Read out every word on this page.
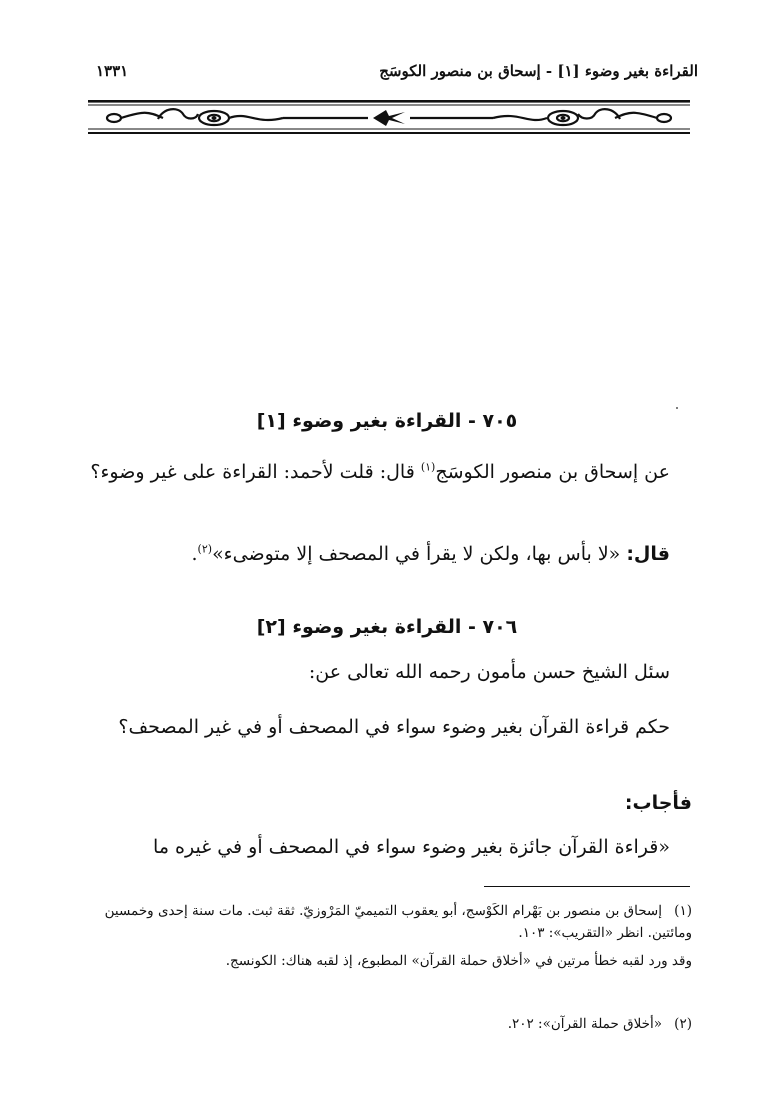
القراءة بغير وضوء [١] - إسحاق بن منصور الكوسَج
١٣٣١
٧٠٥ - القراءة بغير وضوء [١]
عن إسحاق بن منصور الكوسَج$^{(١)}$ قال: قلت لأحمد: القراءة على غير وضوء؟
قال: «لا بأس بها، ولكن لا يقرأ في المصحف إلا متوضىء»$^{(٢)}$.
٧٠٦ - القراءة بغير وضوء [٢]
سئل الشيخ حسن مأمون رحمه الله تعالى عن:
حكم قراءة القرآن بغير وضوء سواء في المصحف أو في غير المصحف؟
فأجاب:
«قراءة القرآن جائزة بغير وضوء سواء في المصحف أو في غيره ما
(١)إسحاق بن منصور بن بَهْرام الكَوْسج، أبو يعقوب التميميّ المَرْوزيّ. ثقة ثبت. مات سنة إحدى وخمسين ومائتين. انظر «التقريب»: ١٠٣.
وقد ورد لقبه خطأ مرتين في «أخلاق حملة القرآن» المطبوع، إذ لقبه هناك: الكونسج.
(٢)«أخلاق حملة القرآن»: ٢٠٢.
